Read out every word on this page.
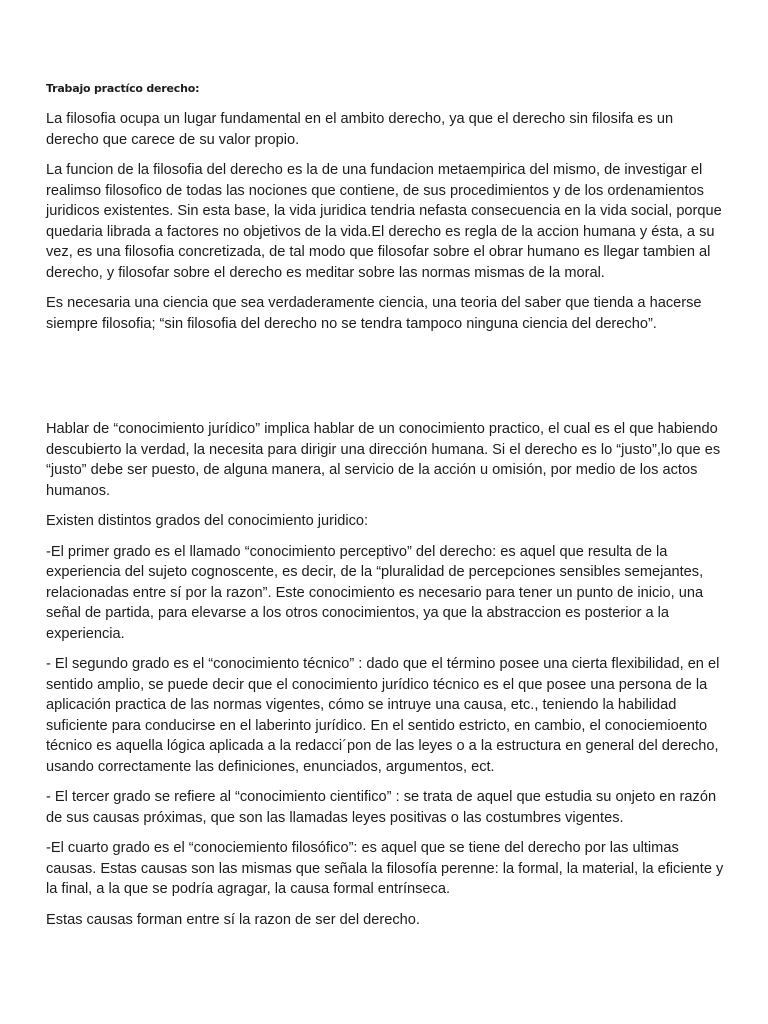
Trabajo practíco derecho:

La filosofia ocupa un lugar fundamental en el ambito derecho, ya que el derecho sin filosifa es un derecho que carece de su valor propio.

La funcion de la filosofia del derecho es la de una fundacion metaempirica del mismo, de investigar el realimso filosofico de todas las nociones que contiene, de sus procedimientos y de los ordenamientos juridicos existentes. Sin esta base, la vida juridica tendria nefasta consecuencia en la vida social, porque quedaria librada a factores no objetivos de la vida.El derecho es regla de la accion humana y ésta, a su vez, es una filosofia concretizada, de tal modo que filosofar sobre el obrar humano es llegar tambien al derecho, y filosofar sobre el derecho es meditar sobre las normas mismas de la moral.

Es necesaria una ciencia que sea verdaderamente ciencia, una teoria del saber que tienda a hacerse siempre filosofia; “sin filosofia del derecho no se tendra tampoco ninguna ciencia del derecho”.

Hablar de “conocimiento jurídico” implica hablar de un conocimiento practico, el cual es el que habiendo descubierto la verdad, la necesita para dirigir una dirección humana. Si el derecho es lo “justo”,lo que es “justo” debe ser puesto, de alguna manera, al servicio de la acción u omisión, por medio de los actos humanos.

Existen distintos grados del conocimiento juridico:

-El primer grado es el llamado “conocimiento perceptivo” del derecho: es aquel que resulta de la experiencia del sujeto cognoscente, es decir, de la “pluralidad de percepciones sensibles semejantes, relacionadas entre sí por la razon”. Este conocimiento es necesario para tener un punto de inicio, una señal de partida, para elevarse a los otros conocimientos, ya que la abstraccion es posterior a la experiencia.

- El segundo grado es el “conocimiento técnico” : dado que el término posee una cierta flexibilidad, en el sentido amplio, se puede decir que el conocimiento jurídico técnico es el que posee una persona de la aplicación practica de las normas vigentes, cómo se intruye una causa, etc., teniendo la habilidad suficiente para conducirse en el laberinto jurídico. En el sentido estricto, en cambio, el conociemioento técnico es aquella lógica aplicada a la redacci´pon de las leyes o a la estructura en general del derecho, usando correctamente las definiciones, enunciados, argumentos, ect.

- El tercer grado se refiere al “conocimiento cientifico” : se trata de aquel que estudia su onjeto en razón de sus causas próximas, que son las llamadas leyes positivas o las costumbres vigentes.

-El cuarto grado es el “conociemiento filosófico”: es aquel que se tiene del derecho por las ultimas causas. Estas causas son las mismas que señala la filosofía perenne: la formal, la material, la eficiente y la final, a la que se podría agragar, la causa formal entrínseca.

Estas causas forman entre sí la razon de ser del derecho.
